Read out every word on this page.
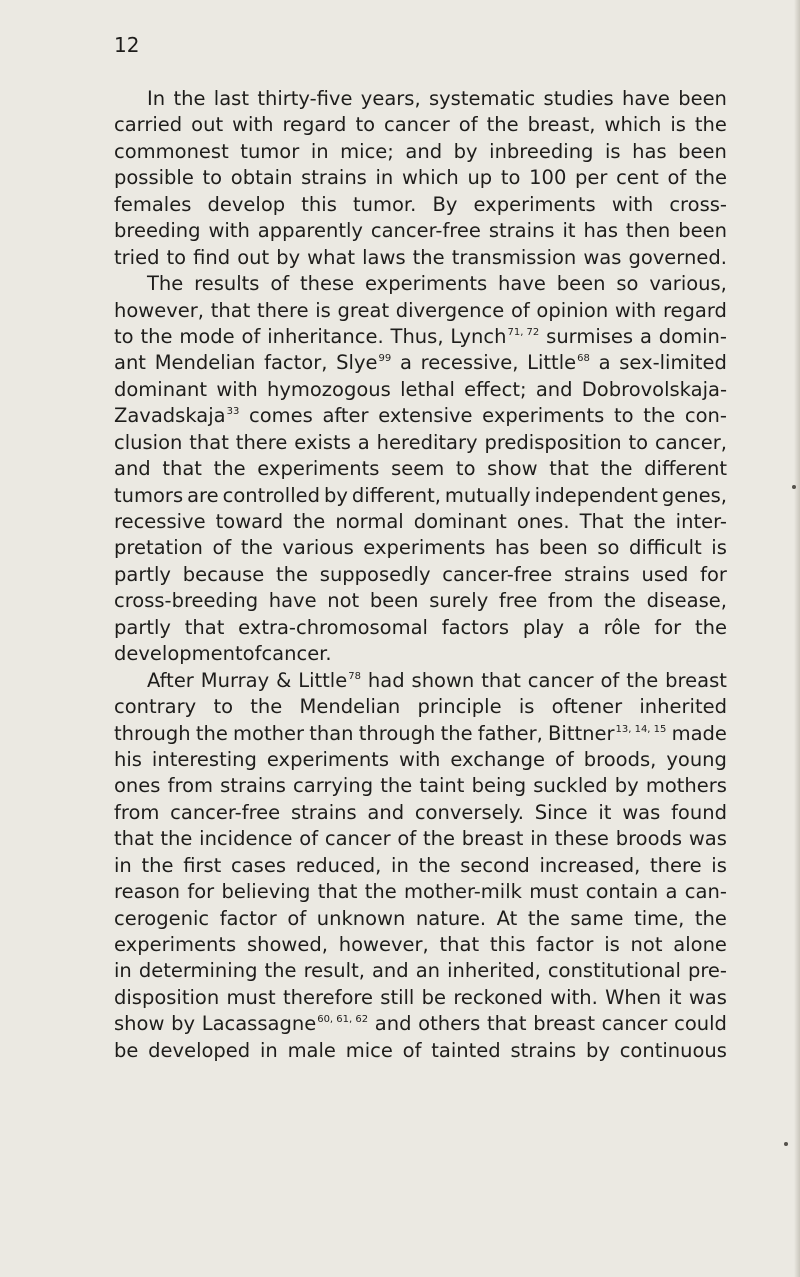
12
In the last thirty-five years, systematic studies have been
carried out with regard to cancer of the breast, which is the
commonest tumor in mice; and by inbreeding is has been
possible to obtain strains in which up to 100 per cent of the
females develop this tumor. By experiments with cross-
breeding with apparently cancer-free strains it has then been
tried to find out by what laws the transmission was governed.
The results of these experiments have been so various,
however, that there is great divergence of opinion with regard
to the mode of inheritance. Thus, Lynch$^{71, 72}$ surmises a domin-
ant Mendelian factor, Slye$^{99}$ a recessive, Little$^{68}$ a sex-limited
dominant with hymozogous lethal effect; and Dobrovolskaja-
Zavadskaja$^{33}$ comes after extensive experiments to the con-
clusion that there exists a hereditary predisposition to cancer,
and that the experiments seem to show that the different
tumors are controlled by different, mutually independent genes,
recessive toward the normal dominant ones. That the inter-
pretation of the various experiments has been so difficult is
partly because the supposedly cancer-free strains used for
cross-breeding have not been surely free from the disease,
partly that extra-chromosomal factors play a rôle for the
development of cancer.
After Murray & Little$^{78}$ had shown that cancer of the breast
contrary to the Mendelian principle is oftener inherited
through the mother than through the father, Bittner$^{13, 14, 15}$ made
his interesting experiments with exchange of broods, young
ones from strains carrying the taint being suckled by mothers
from cancer-free strains and conversely. Since it was found
that the incidence of cancer of the breast in these broods was
in the first cases reduced, in the second increased, there is
reason for believing that the mother-milk must contain a can-
cerogenic factor of unknown nature. At the same time, the
experiments showed, however, that this factor is not alone
in determining the result, and an inherited, constitutional pre-
disposition must therefore still be reckoned with. When it was
show by Lacassagne$^{60, 61, 62}$ and others that breast cancer could
be developed in male mice of tainted strains by continuous
